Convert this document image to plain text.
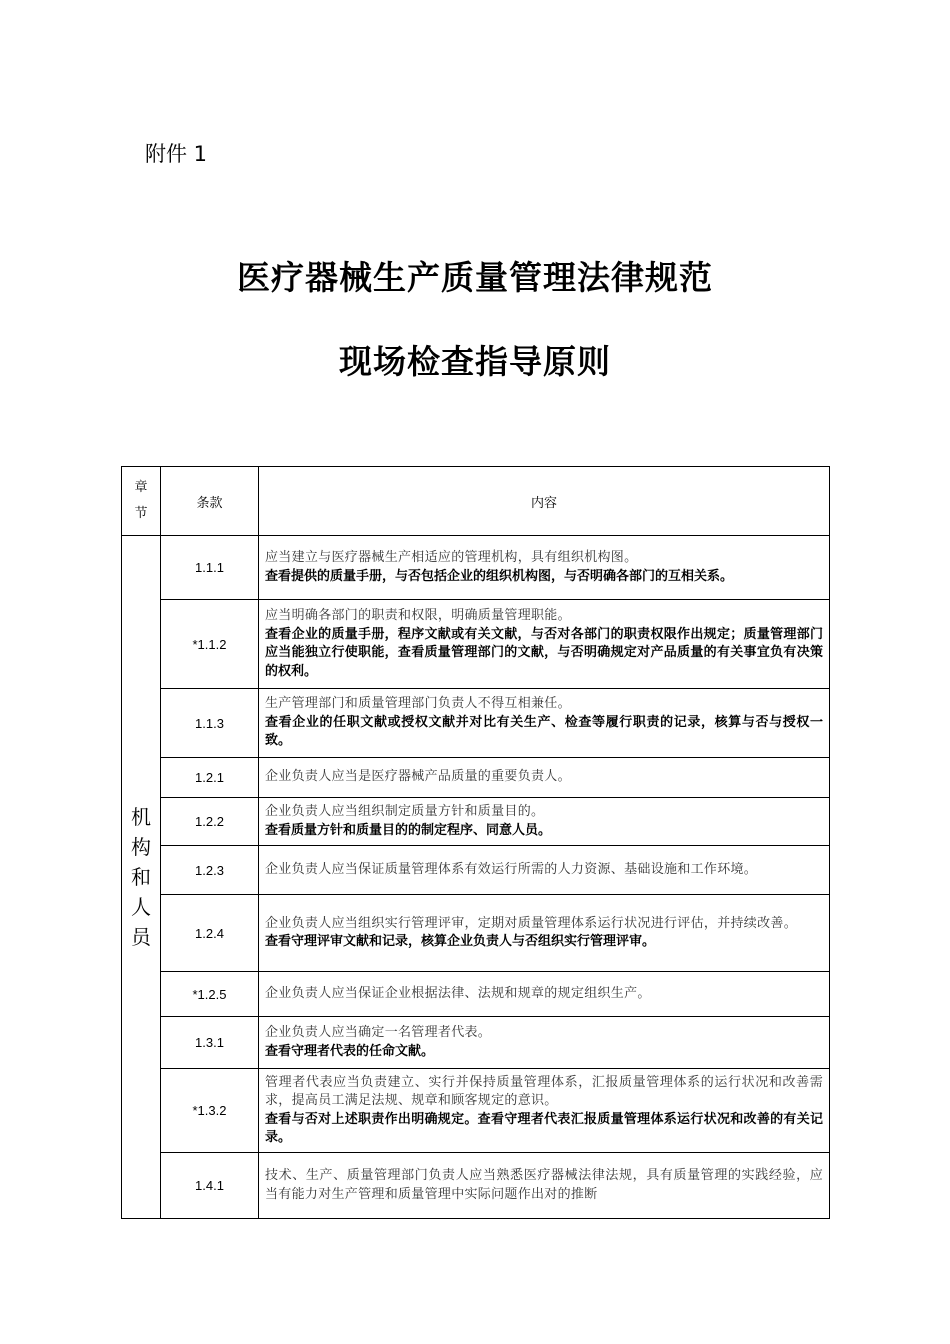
附件 1
医疗器械生产质量管理法律规范
现场检查指导原则
章
节	条款	内容

机
构
和
人
员	1.1.1	应当建立与医疗器械生产相适应的管理机构，具有组织机构图。
查看提供的质量手册，与否包括企业的组织机构图，与否明确各部门的互相关系。

	*1.1.2	应当明确各部门的职责和权限，明确质量管理职能。
查看企业的质量手册，程序文献或有关文献，与否对各部门的职责权限作出规定；质量管理部门应当能独立行使职能，查看质量管理部门的文献，与否明确规定对产品质量的有关事宜负有决策的权利。

	1.1.3	生产管理部门和质量管理部门负责人不得互相兼任。
查看企业的任职文献或授权文献并对比有关生产、检查等履行职责的记录，核算与否与授权一致。

	1.2.1	企业负责人应当是医疗器械产品质量的重要负责人。

	1.2.2	企业负责人应当组织制定质量方针和质量目的。
查看质量方针和质量目的的制定程序、同意人员。

	1.2.3	企业负责人应当保证质量管理体系有效运行所需的人力资源、基础设施和工作环境。

	1.2.4	企业负责人应当组织实行管理评审，定期对质量管理体系运行状况进行评估，并持续改善。
查看守理评审文献和记录，核算企业负责人与否组织实行管理评审。

	*1.2.5	企业负责人应当保证企业根据法律、法规和规章的规定组织生产。

	1.3.1	企业负责人应当确定一名管理者代表。
查看守理者代表的任命文献。

	*1.3.2	管理者代表应当负责建立、实行并保持质量管理体系，汇报质量管理体系的运行状况和改善需求，提高员工满足法规、规章和顾客规定的意识。
查看与否对上述职责作出明确规定。查看守理者代表汇报质量管理体系运行状况和改善的有关记录。

	1.4.1	技术、生产、质量管理部门负责人应当熟悉医疗器械法律法规，具有质量管理的实践经验，应当有能力对生产管理和质量管理中实际问题作出对的推断
